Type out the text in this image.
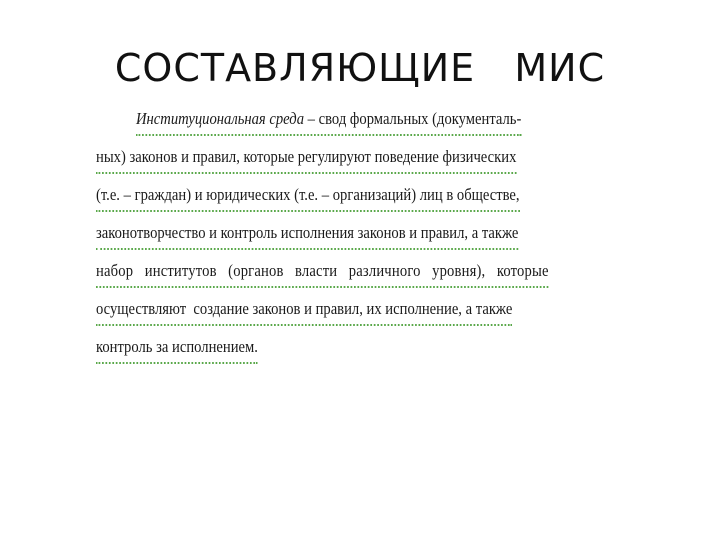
СОСТАВЛЯЮЩИЕ   МИС
Институциональная среда – свод формальных (документаль-
ных) законов и правил, которые регулируют поведение физических
(т.е. – граждан) и юридических (т.е. – организаций) лиц в обществе,
законотворчество и контроль исполнения законов и правил, а также
набор   институтов   (органов   власти   различного   уровня),   которые
осуществляют  создание законов и правил, их исполнение, а также
контроль за исполнением.
